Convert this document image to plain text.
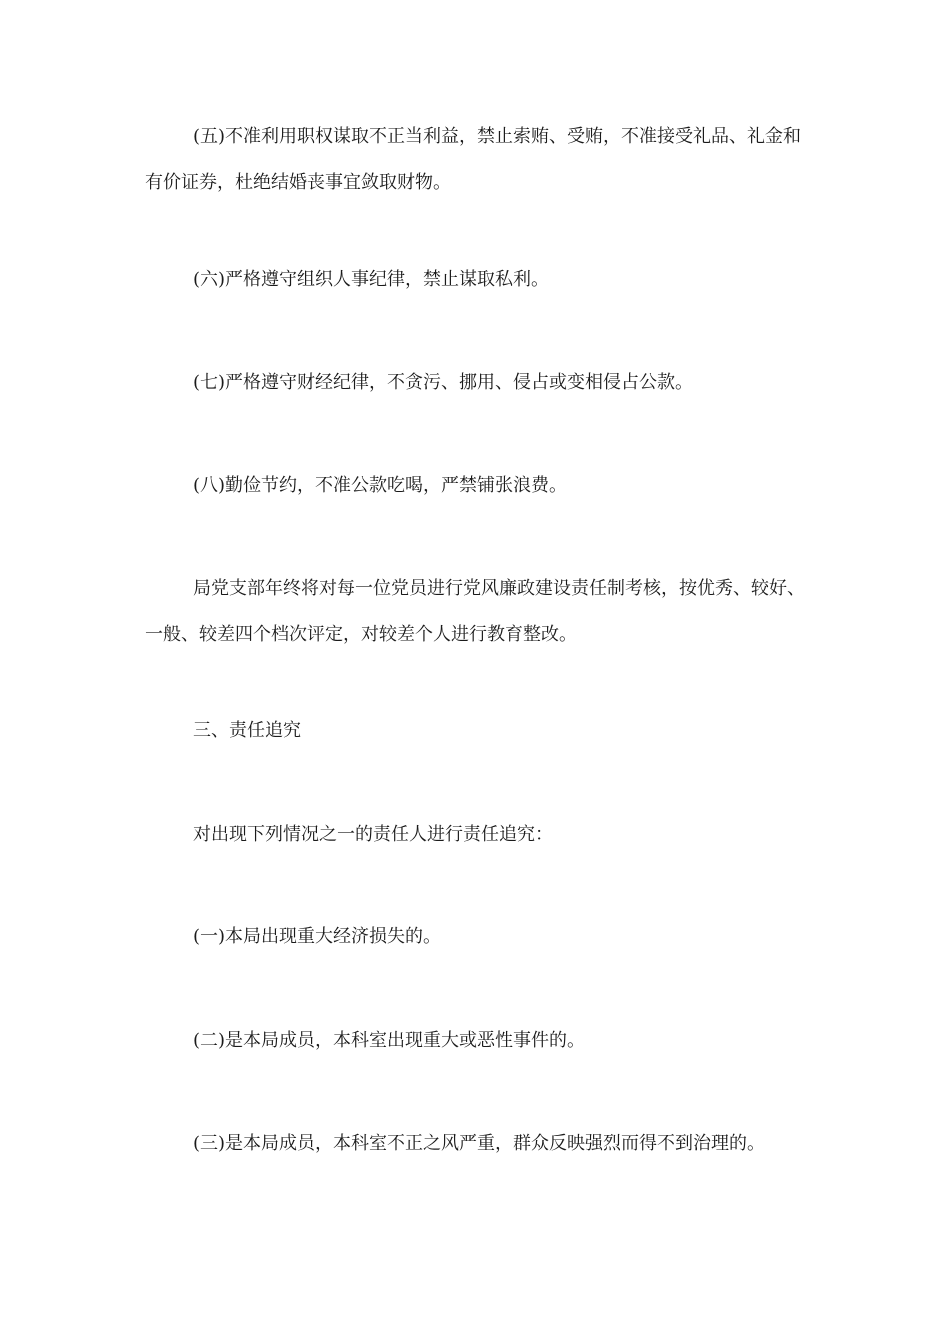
(五)不准利用职权谋取不正当利益，禁止索贿、受贿，不准接受礼品、礼金和有价证券，杜绝结婚丧事宜敛取财物。

(六)严格遵守组织人事纪律，禁止谋取私利。

(七)严格遵守财经纪律，不贪污、挪用、侵占或变相侵占公款。

(八)勤俭节约，不准公款吃喝，严禁铺张浪费。

局党支部年终将对每一位党员进行党风廉政建设责任制考核，按优秀、较好、一般、较差四个档次评定，对较差个人进行教育整改。

三、责任追究

对出现下列情况之一的责任人进行责任追究：

(一)本局出现重大经济损失的。

(二)是本局成员，本科室出现重大或恶性事件的。

(三)是本局成员，本科室不正之风严重，群众反映强烈而得不到治理的。
